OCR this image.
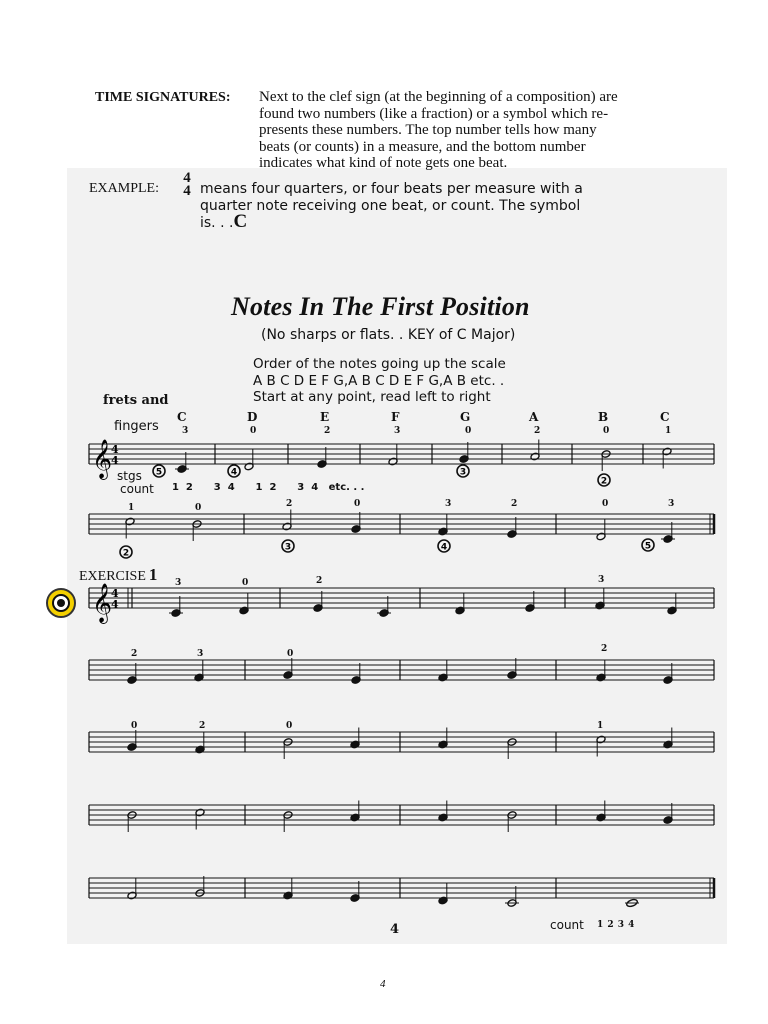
TIME SIGNATURES: Next to the clef sign (at the beginning of a composition) are
found two numbers (like a fraction) or a symbol which re-
presents these numbers. The top number tells how many
beats (or counts) in a measure, and the bottom number
indicates what kind of note gets one beat.
EXAMPLE:
4
4 means four quarters, or four beats per measure with a
quarter note receiving one beat, or count. The symbol
is. . .C
Notes In The First Position
(No sharps or flats. . KEY of C Major)
Order of the notes going up the scale
A B C D E F G,A B C D E F G,A B etc. .
Start at any point, read left to right
frets and
fingers
stgs
count 1  2      3  4      1  2      3  4   etc. . .
C	D	E	F	G	A	B	C
3	0	2	3	0	2	0	1
1	0	2	0	3	2	0	3
EXERCISE 1 3	0	2	3
2	3	0	2
0	2	0	1
count 1 2 3 4
4
4
𝄞
4
4
5	4	3
2
2
3	4	5
𝄞
4
4
